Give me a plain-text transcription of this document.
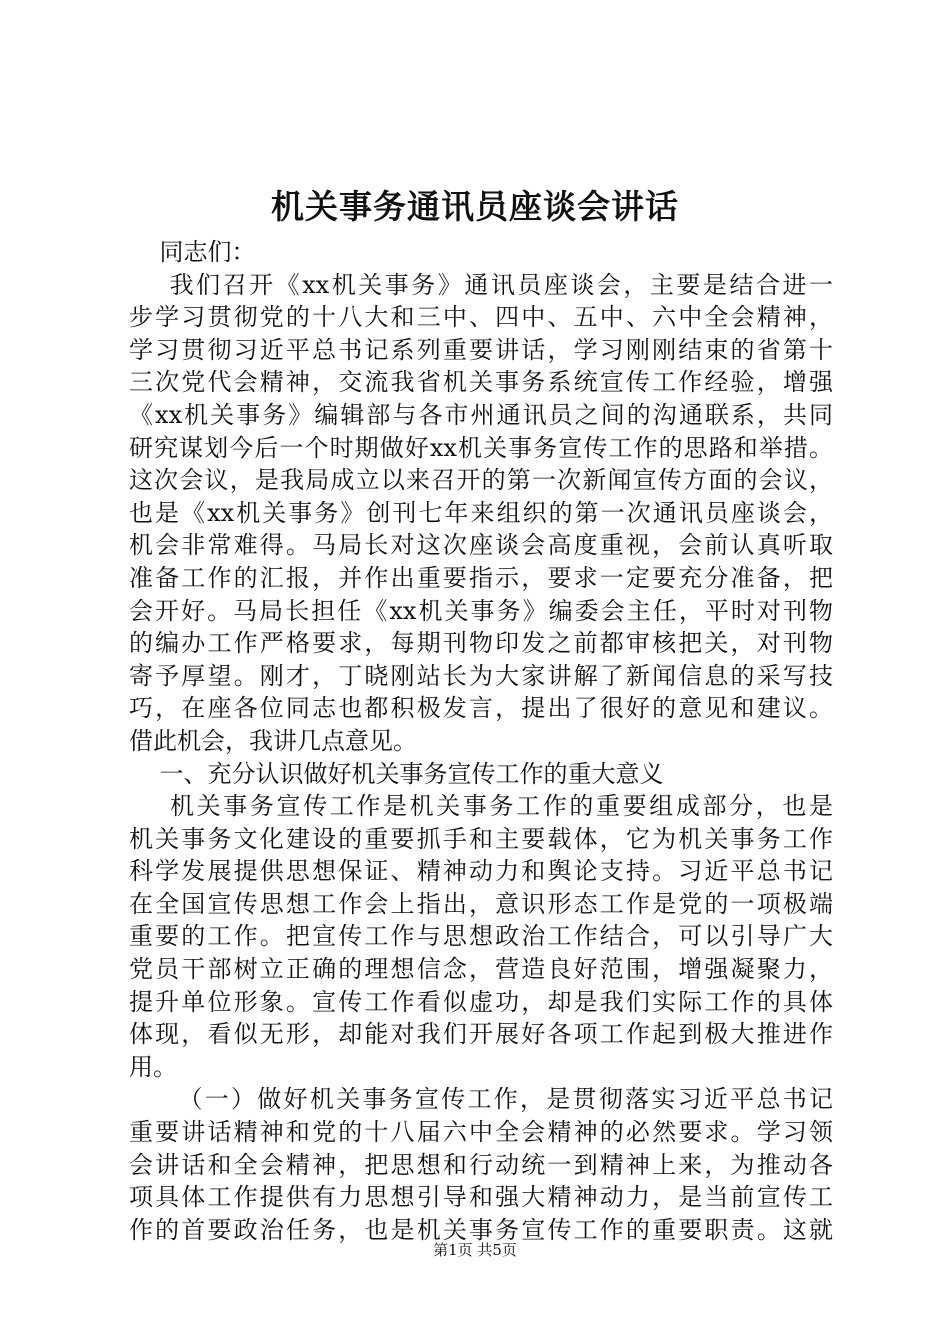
机关事务通讯员座谈会讲话
同志们：
我们召开《xx机关事务》通讯员座谈会，主要是结合进一
步学习贯彻党的十八大和三中、四中、五中、六中全会精神，
学习贯彻习近平总书记系列重要讲话，学习刚刚结束的省第十
三次党代会精神，交流我省机关事务系统宣传工作经验，增强
《xx机关事务》编辑部与各市州通讯员之间的沟通联系，共同
研究谋划今后一个时期做好xx机关事务宣传工作的思路和举措。
这次会议，是我局成立以来召开的第一次新闻宣传方面的会议，
也是《xx机关事务》创刊七年来组织的第一次通讯员座谈会，
机会非常难得。马局长对这次座谈会高度重视，会前认真听取
准备工作的汇报，并作出重要指示，要求一定要充分准备，把
会开好。马局长担任《xx机关事务》编委会主任，平时对刊物
的编办工作严格要求，每期刊物印发之前都审核把关，对刊物
寄予厚望。刚才，丁晓刚站长为大家讲解了新闻信息的采写技
巧，在座各位同志也都积极发言，提出了很好的意见和建议。
借此机会，我讲几点意见。
一、充分认识做好机关事务宣传工作的重大意义
机关事务宣传工作是机关事务工作的重要组成部分，也是
机关事务文化建设的重要抓手和主要载体，它为机关事务工作
科学发展提供思想保证、精神动力和舆论支持。习近平总书记
在全国宣传思想工作会上指出，意识形态工作是党的一项极端
重要的工作。把宣传工作与思想政治工作结合，可以引导广大
党员干部树立正确的理想信念，营造良好范围，增强凝聚力，
提升单位形象。宣传工作看似虚功，却是我们实际工作的具体
体现，看似无形，却能对我们开展好各项工作起到极大推进作
用。
（一）做好机关事务宣传工作，是贯彻落实习近平总书记
重要讲话精神和党的十八届六中全会精神的必然要求。学习领
会讲话和全会精神，把思想和行动统一到精神上来，为推动各
项具体工作提供有力思想引导和强大精神动力，是当前宣传工
作的首要政治任务，也是机关事务宣传工作的重要职责。这就
第1页 共5页
